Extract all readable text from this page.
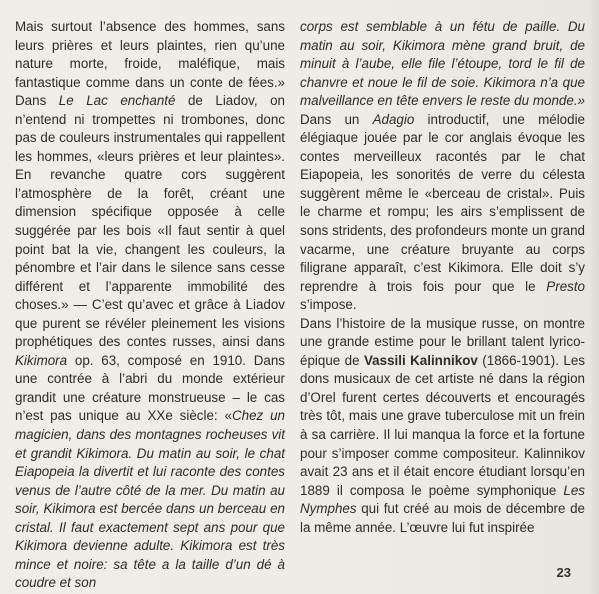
Mais surtout l’absence des hommes, sans leurs prières et leurs plaintes, rien qu’une nature morte, froide, maléfique, mais fantastique comme dans un conte de fées.» Dans Le Lac enchanté de Liadov, on n’entend ni trompettes ni trombones, donc pas de couleurs instrumentales qui rappellent les hommes, «leurs prières et leur plaintes». En revanche quatre cors suggèrent l’atmosphère de la forêt, créant une dimension spécifique opposée à celle suggérée par les bois «Il faut sentir à quel point bat la vie, changent les couleurs, la pénombre et l’air dans le silence sans cesse différent et l’apparente immobilité des choses.» — C’est qu’avec et grâce à Liadov que purent se révéler pleinement les visions prophétiques des contes russes, ainsi dans Kikimora op. 63, composé en 1910. Dans une contrée à l’abri du monde extérieur grandit une créature monstrueuse – le cas n’est pas unique au XXe siècle: «Chez un magicien, dans des montagnes rocheuses vit et grandit Kikimora. Du matin au soir, le chat Eiapopeia la divertit et lui raconte des contes venus de l’autre côté de la mer. Du matin au soir, Kikimora est bercée dans un berceau en cristal. Il faut exactement sept ans pour que Kikimora devienne adulte. Kikimora est très mince et noire: sa tête a la taille d’un dé à coudre et son

corps est semblable à un fétu de paille. Du matin au soir, Kikimora mène grand bruit, de minuit à l’aube, elle file l’étoupe, tord le fil de chanvre et noue le fil de soie. Kikimora n’a que malveillance en tête envers le reste du monde.» Dans un Adagio introductif, une mélodie élégiaque jouée par le cor anglais évoque les contes merveilleux racontés par le chat Eiapopeia, les sonorités de verre du célesta suggèrent même le «berceau de cristal». Puis le charme et rompu; les airs s’emplissent de sons stridents, des profondeurs monte un grand vacarme, une créature bruyante au corps filigrane apparaît, c’est Kikimora. Elle doit s’y reprendre à trois fois pour que le Presto s’impose.

Dans l’histoire de la musique russe, on montre une grande estime pour le brillant talent lyrico-épique de Vassili Kalinnikov (1866-1901). Les dons musicaux de cet artiste né dans la région d’Orel furent certes découverts et encouragés très tôt, mais une grave tuberculose mit un frein à sa carrière. Il lui manqua la force et la fortune pour s’imposer comme compositeur. Kalinnikov avait 23 ans et il était encore étudiant lorsqu’en 1889 il composa le poème symphonique Les Nymphes qui fut créé au mois de décembre de la même année. L’œuvre lui fut inspirée

23
